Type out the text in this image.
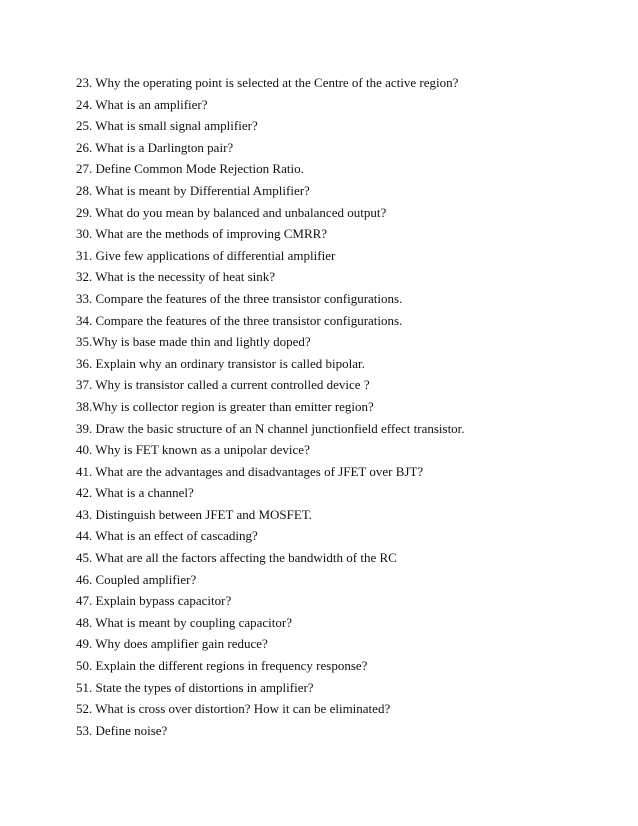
23. Why the operating point is selected at the Centre of the active region?
24. What is an amplifier?
25. What is small signal amplifier?
26. What is a Darlington pair?
27. Define Common Mode Rejection Ratio.
28. What is meant by Differential Amplifier?
29. What do you mean by balanced and unbalanced output?
30. What are the methods of improving CMRR?
31. Give few applications of differential amplifier
32. What is the necessity of heat sink?
33. Compare the features of the three transistor configurations.
34. Compare the features of the three transistor configurations.
35.Why is base made thin and lightly doped?
36. Explain why an ordinary transistor is called bipolar.
37. Why is transistor called a current controlled device ?
38.Why is collector region is greater than emitter region?
39. Draw the basic structure of an N channel junctionfield effect transistor.
40. Why is FET known as a unipolar device?
41. What are the advantages and disadvantages of JFET over BJT?
42. What is a channel?
43. Distinguish between JFET and MOSFET.
44. What is an effect of cascading?
45. What are all the factors affecting the bandwidth of the RC
46. Coupled amplifier?
47. Explain bypass capacitor?
48. What is meant by coupling capacitor?
49. Why does amplifier gain reduce?
50. Explain the different regions in frequency response?
51. State the types of distortions in amplifier?
52. What is cross over distortion? How it can be eliminated?
53. Define noise?
